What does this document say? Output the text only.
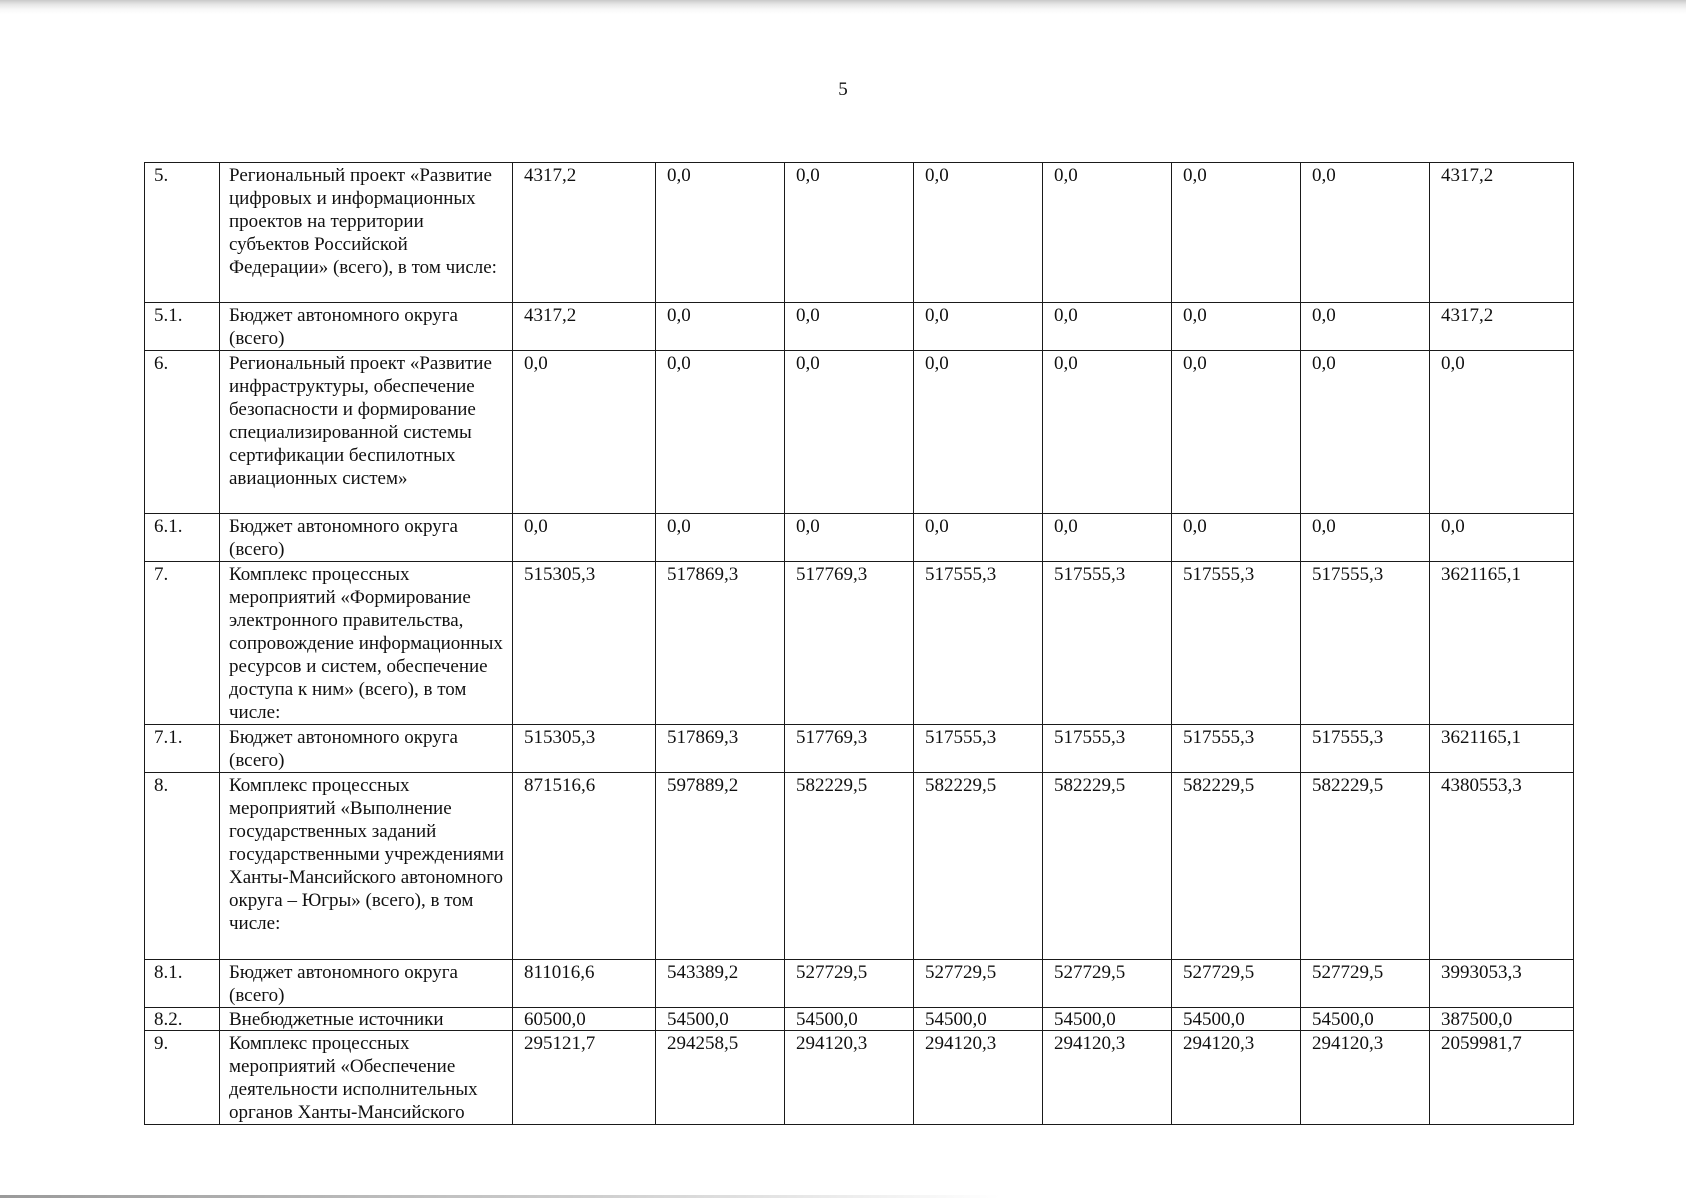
5
5.	Региональный проект «Развитие цифровых и информационных проектов на территории субъектов Российской Федерации» (всего), в том числе:	4317,2	0,0	0,0	0,0	0,0	0,0	0,0	4317,2
5.1.	Бюджет автономного округа (всего)	4317,2	0,0	0,0	0,0	0,0	0,0	0,0	4317,2
6.	Региональный проект «Развитие инфраструктуры, обеспечение безопасности и формирование специализированной системы сертификации беспилотных авиационных систем»	0,0	0,0	0,0	0,0	0,0	0,0	0,0	0,0
6.1.	Бюджет автономного округа (всего)	0,0	0,0	0,0	0,0	0,0	0,0	0,0	0,0
7.	Комплекс процессных мероприятий «Формирование электронного правительства, сопровождение информационных ресурсов и систем, обеспечение доступа к ним» (всего), в том числе:	515305,3	517869,3	517769,3	517555,3	517555,3	517555,3	517555,3	3621165,1
7.1.	Бюджет автономного округа (всего)	515305,3	517869,3	517769,3	517555,3	517555,3	517555,3	517555,3	3621165,1
8.	Комплекс процессных мероприятий «Выполнение государственных заданий государственными учреждениями Ханты-Мансийского автономного округа – Югры» (всего), в том числе:	871516,6	597889,2	582229,5	582229,5	582229,5	582229,5	582229,5	4380553,3
8.1.	Бюджет автономного округа (всего)	811016,6	543389,2	527729,5	527729,5	527729,5	527729,5	527729,5	3993053,3
8.2.	Внебюджетные источники	60500,0	54500,0	54500,0	54500,0	54500,0	54500,0	54500,0	387500,0
9.	Комплекс процессных мероприятий «Обеспечение деятельности исполнительных органов Ханты-Мансийского	295121,7	294258,5	294120,3	294120,3	294120,3	294120,3	294120,3	2059981,7
